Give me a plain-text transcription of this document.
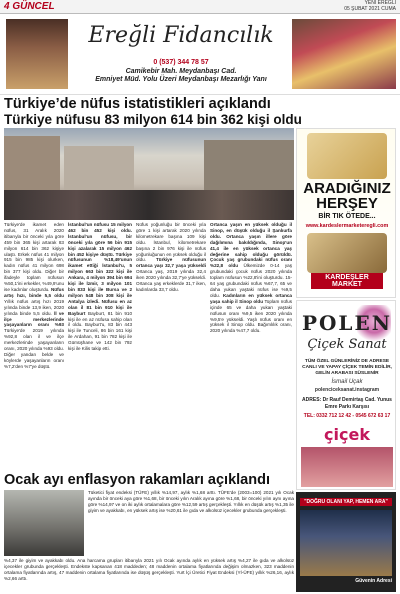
4 GÜNCEL	YENİ EREĞLİ
05 ŞUBAT 2021 CUMA
Ereğli Fidancılık
0 (537) 344 78 57
Camikebir Mah. Meydanbaşı Cad.
Emniyet Müd. Yolu Üzeri Meydanbaşı Mezarlığı Yanı
Türkiye’de nüfus istatistikleri açıklandı
Türkiye nüfusu 83 milyon 614 bin 362 kişi oldu
Türkiye'de ikamet eden nüfus, 31 Aralık 2020 itibarıyla bir önceki yıla göre 459 bin 365 kişi artarak 83 milyon 614 bin 362 kişiye ulaştı. Erkek nüfus 41 milyon 915 bin 985 kişi olurken, kadın nüfus 41 milyon 698 bin 377 kişi oldu. Diğer bir ifadeyle toplam nüfusun %50,1'ini erkekler, %49,9'unu ise kadınlar oluşturdu. Nüfus artış hızı, binde 5,5 oldu Yıllık nüfus artış hızı 2019 yılında binde 13,9 iken, 2020 yılında binde 5,5 oldu. İl ve ilçe merkezlerinde yaşayanların oranı %93 Türkiye'de 2019 yılında %92,8 olan il ve ilçe merkezlerinde yaşayanların oranı, 2020 yılında %93 oldu. Diğer yandan belde ve köylerde yaşayanların oranı %7,2'den %7'ye düştü.
İstanbul'un nüfusu 15 milyon 462 bin 452 kişi oldu. İstanbul'un nüfusu, bir önceki yıla göre 56 bin 915 kişi azalarak 15 milyon 462 bin 452 kişiye düştü. Türkiye nüfusunun %18,49'unun ikamet ettiği İstanbul'u, 5 milyon 663 bin 322 kişi ile Ankara, 4 milyon 394 bin 694 kişi ile İzmir, 3 milyon 101 bin 833 kişi ile Bursa ve 2 milyon 548 bin 308 kişi ile Antalya izledi. Nüfusu en az olan il 81 bin 910 kişi ile Bayburt Bayburt, 81 bin 910 kişi ile en az nüfusa sahip olan il oldu. Bayburt'u, 83 bin 443 kişi ile Tunceli, 86 bin 161 kişi ile Ardahan, 91 bin 782 kişi ile Gümüşhane ve 142 bin 792 kişi ile Kilis takip etti.
Nüfus yoğunluğu bir önceki yıla göre 1 kişi artarak 2020 yılında kilometrekare başına 109 kişi oldu. İstanbul, kilometrekare başına 2 bin 976 kişi ile nüfus yoğunluğunun en yüksek olduğu il oldu. Türkiye nüfusunun ortanca yaşı 32,7 yaşa yükseldi Ortanca yaş, 2019 yılında 32,4 iken 2020 yılında 32,7'ye yükseldi. Ortanca yaş erkeklerde 31,7 iken, kadınlarda 33,7 oldu.
Ortanca yaşın en yüksek olduğu il Sinop, en düşük olduğu il Şanlıurfa oldu. Ortanca yaşın illere göre dağılımına bakıldığında, Sinop'un 41,4 ile en yüksek ortanca yaş değerine sahip olduğu görüldü. Çocuk yaş grubundaki nüfus oranı %22,8 oldu Ülkemizde 0-14 yaş grubundaki çocuk nüfus 2020 yılında toplam nüfusun %22,8'ini oluşturdu. 15-64 yaş grubundaki nüfus %67,7, 65 ve daha yukarı yaştaki nüfus ise %9,5 oldu. Kadınların en yüksek ortanca yaşa sahip il Sinop oldu Toplam nüfus içinde 65 ve daha yukarı yaştaki nüfusun oranı %9,5 iken 2020 yılında %9,5'e yükseldi. Yaşlı nüfus oranı en yüksek il Sinop oldu. Bağımlılık oranı, 2020 yılında %47,7 oldu.
ARADIĞINIZ HERŞEY
BİR TIK ÖTEDE...
www.kardeslermarketeregli.com
KARDEŞLER MARKET
POLEN
Çiçek Sanat
TÜM ÖZEL GÜNLERİNİZ DE ADRESE CANLI VE YAPAY ÇİÇEK TEMİN EDİLİR, GELİN ARABASI SÜSLENİR
İsmail Uçak
polenciceksanat.instagram
ADRES: Dr Rauf Demirtaş Cad. Yunus Emre Parkı Karşısı
TEL: 0332 712 12 42 - 0545 672 63 17
çiçek
"DOĞRU OLANI YAP, HEMEN ARA"
Güvenin Adresi
Ocak ayı enflasyon rakamları açıklandı
Tüketici fiyat endeksi (TÜFE) yıllık %14,97, aylık %1,68 arttı. TÜFE'de (2003=100) 2021 yılı Ocak ayında bir önceki aya göre %1,68, bir önceki yılın Aralık ayına göre %1,68, bir önceki yılın aynı ayına göre %14,97 ve on iki aylık ortalamalara göre %12,59 artış gerçekleşti. Yıllık en düşük artış %1,35 ile giyim ve ayakkabı, en yüksek artış ise %20,61 ile gıda ve alkolsüz içecekler grubunda gerçekleşti.
%4,37 ile giyim ve ayakkabı oldu. Ana harcama grupları itibarıyla 2021 yılı Ocak ayında aylık en yüksek artış %4,27 ile gıda ve alkolsüz içecekler grubunda gerçekleşti. Endekste kapsanan 418 maddeden; 48 maddenin ortalama fiyatlarında değişim olmazken, 323 maddenin ortalama fiyatlarında artış, 47 maddenin ortalama fiyatlarında ise düşüş gerçekleşti. Yurt İçi Üretici Fiyat Endeksi (Yİ-ÜFE) yıllık %26,16, aylık %2,66 arttı.
